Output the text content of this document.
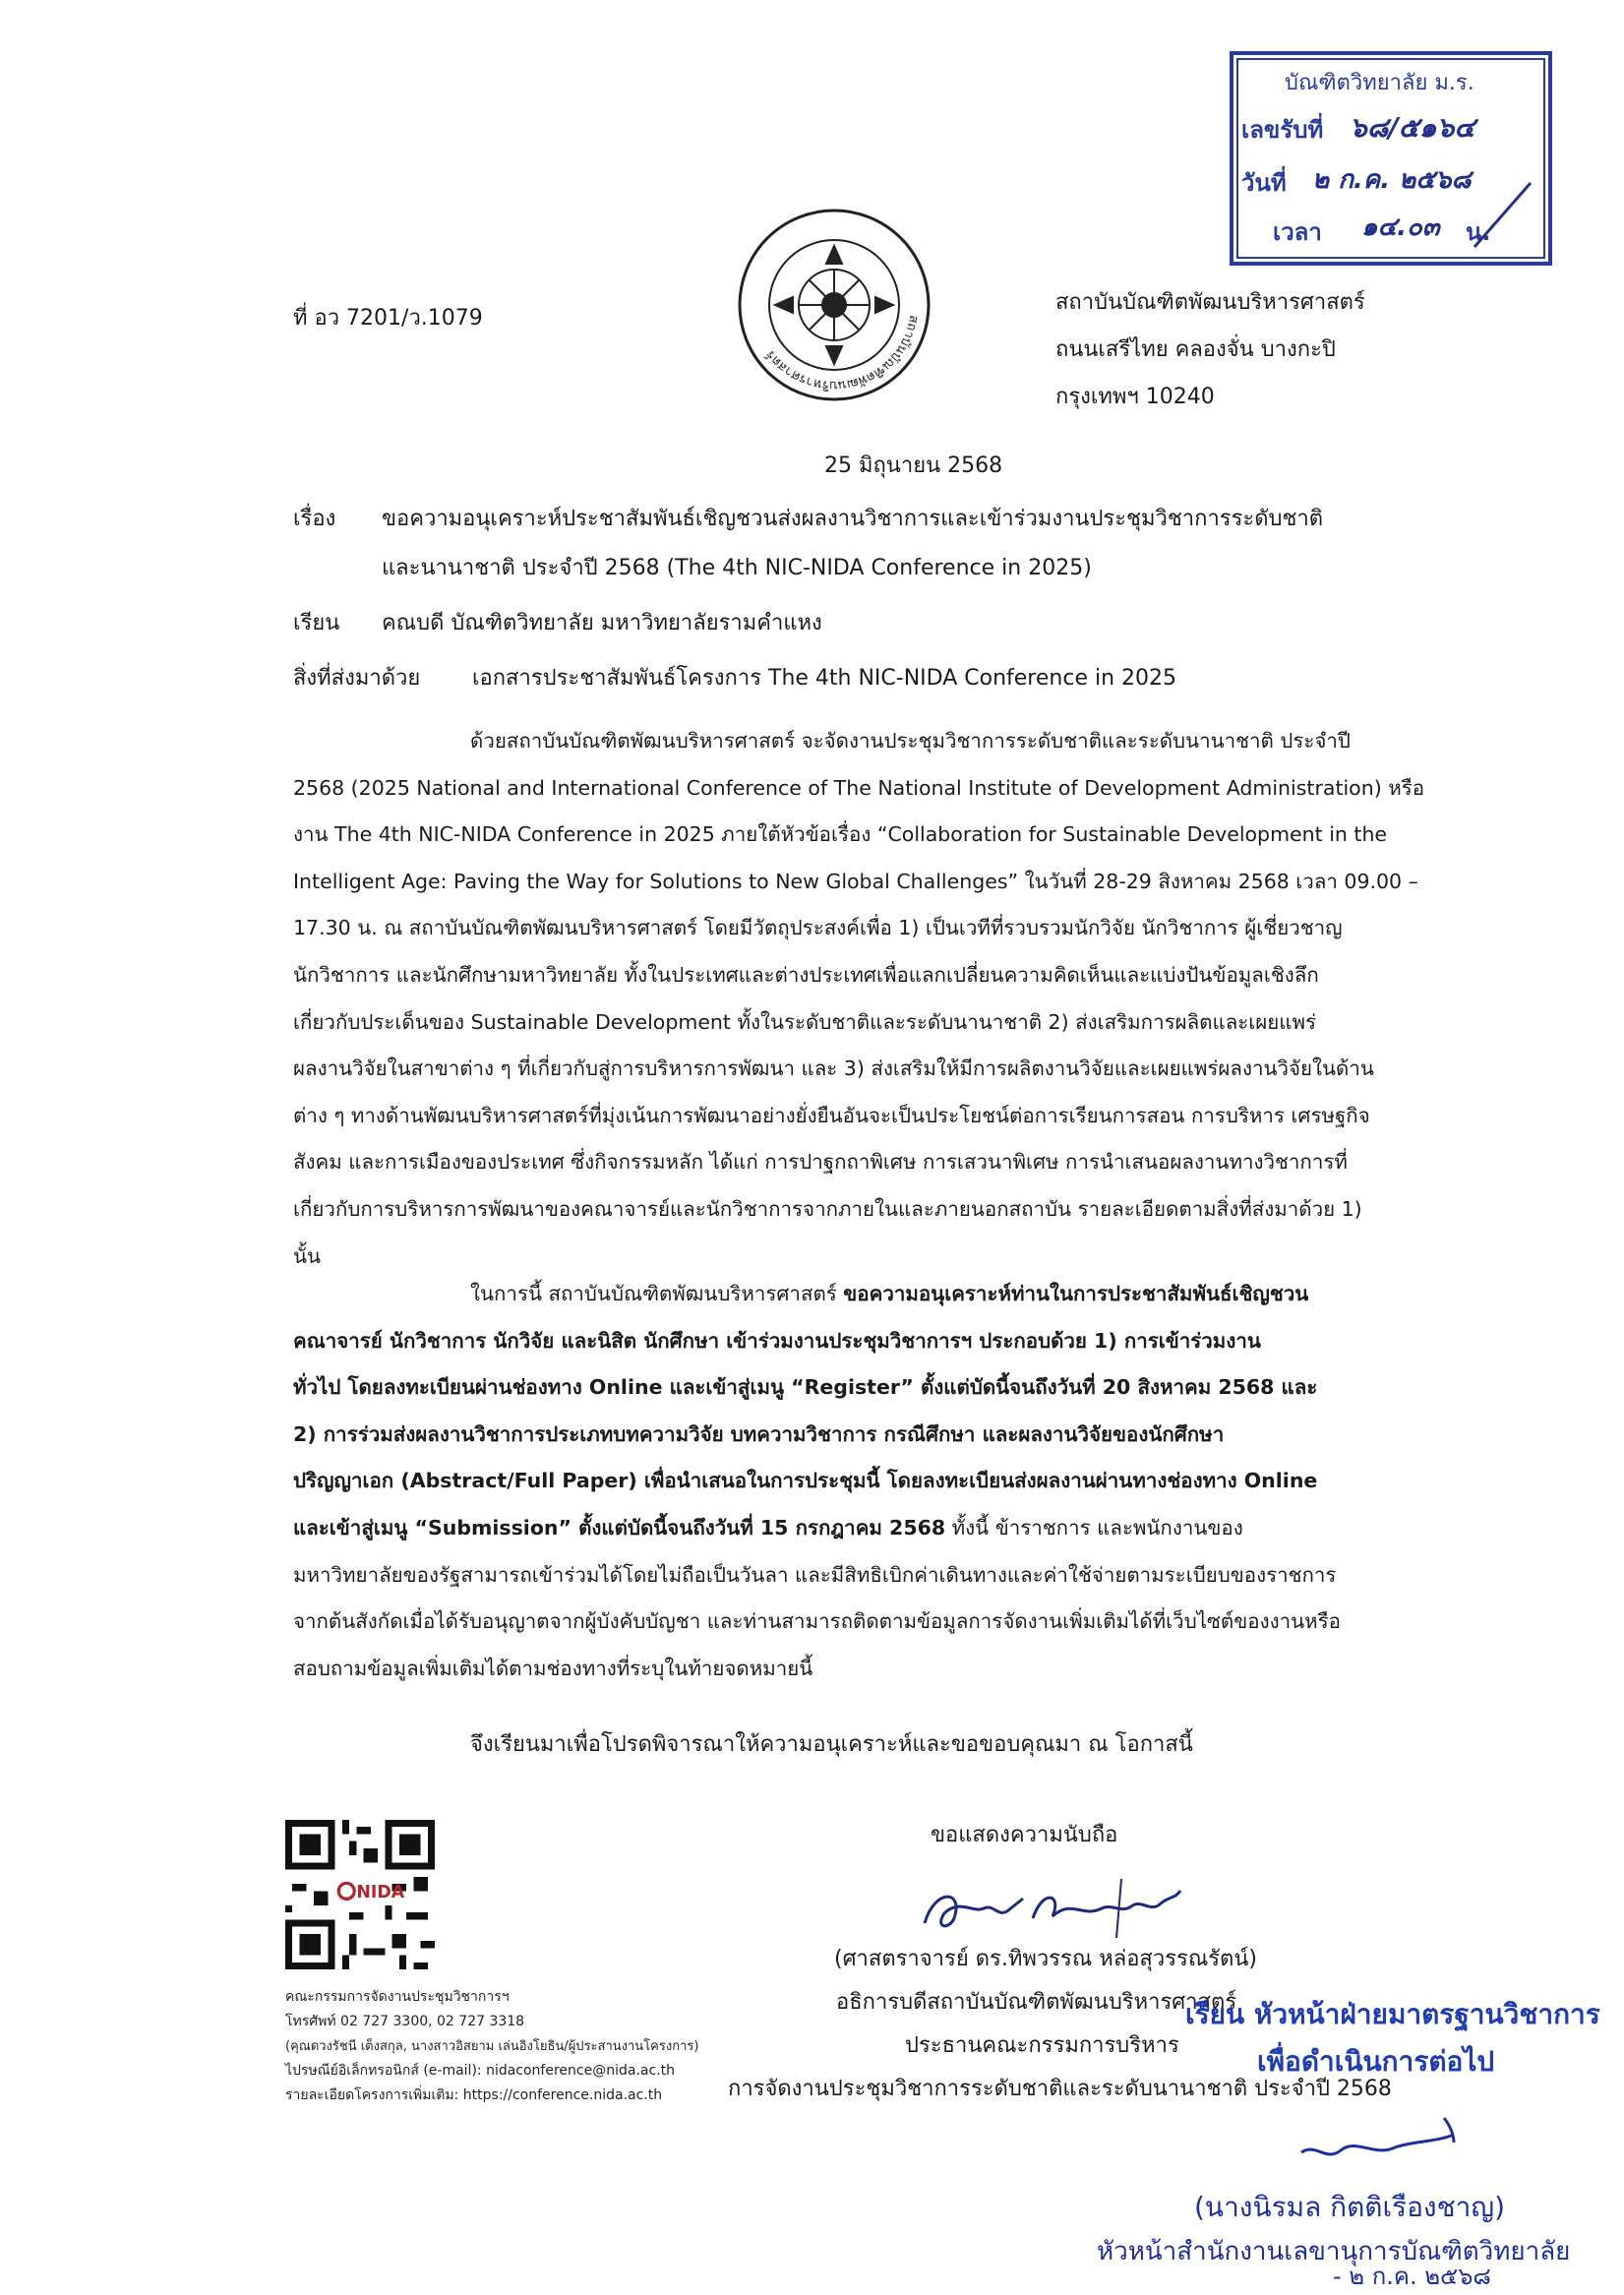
บัณฑิตวิทยาลัย ม.ร.
เลขรับที่ ๖๘/๕๑๖๔
วันที่ ๒ ก.ค. ๒๕๖๘
เวลา ๑๔.๐๓ น.
สถาบันบัณฑิตพัฒนบริหารศาสตร์
ที่ อว 7201/ว.1079
สถาบันบัณฑิตพัฒนบริหารศาสตร์
ถนนเสรีไทย คลองจั่น บางกะปิ
กรุงเทพฯ 10240
25 มิถุนายน 2568
เรื่อง ขอความอนุเคราะห์ประชาสัมพันธ์เชิญชวนส่งผลงานวิชาการและเข้าร่วมงานประชุมวิชาการระดับชาติ
และนานาชาติ ประจำปี 2568 (The 4th NIC-NIDA Conference in 2025)
เรียน คณบดี บัณฑิตวิทยาลัย มหาวิทยาลัยรามคำแหง
สิ่งที่ส่งมาด้วย เอกสารประชาสัมพันธ์โครงการ The 4th NIC-NIDA Conference in 2025
ด้วยสถาบันบัณฑิตพัฒนบริหารศาสตร์ จะจัดงานประชุมวิชาการระดับชาติและระดับนานาชาติ ประจำปี
2568 (2025 National and International Conference of The National Institute of Development Administration) หรือ
งาน The 4th NIC-NIDA Conference in 2025 ภายใต้หัวข้อเรื่อง “Collaboration for Sustainable Development in the
Intelligent Age: Paving the Way for Solutions to New Global Challenges” ในวันที่ 28-29 สิงหาคม 2568 เวลา 09.00 –
17.30 น. ณ สถาบันบัณฑิตพัฒนบริหารศาสตร์ โดยมีวัตถุประสงค์เพื่อ 1) เป็นเวทีที่รวบรวมนักวิจัย นักวิชาการ ผู้เชี่ยวชาญ
นักวิชาการ และนักศึกษามหาวิทยาลัย ทั้งในประเทศและต่างประเทศเพื่อแลกเปลี่ยนความคิดเห็นและแบ่งปันข้อมูลเชิงลึก
เกี่ยวกับประเด็นของ Sustainable Development ทั้งในระดับชาติและระดับนานาชาติ 2) ส่งเสริมการผลิตและเผยแพร่
ผลงานวิจัยในสาขาต่าง ๆ ที่เกี่ยวกับสู่การบริหารการพัฒนา และ 3) ส่งเสริมให้มีการผลิตงานวิจัยและเผยแพร่ผลงานวิจัยในด้าน
ต่าง ๆ ทางด้านพัฒนบริหารศาสตร์ที่มุ่งเน้นการพัฒนาอย่างยั่งยืนอันจะเป็นประโยชน์ต่อการเรียนการสอน การบริหาร เศรษฐกิจ
สังคม และการเมืองของประเทศ ซึ่งกิจกรรมหลัก ได้แก่ การปาฐกถาพิเศษ การเสวนาพิเศษ การนำเสนอผลงานทางวิชาการที่
เกี่ยวกับการบริหารการพัฒนาของคณาจารย์และนักวิชาการจากภายในและภายนอกสถาบัน รายละเอียดตามสิ่งที่ส่งมาด้วย 1)
นั้น
ในการนี้ สถาบันบัณฑิตพัฒนบริหารศาสตร์ ขอความอนุเคราะห์ท่านในการประชาสัมพันธ์เชิญชวน
คณาจารย์ นักวิชาการ นักวิจัย และนิสิต นักศึกษา เข้าร่วมงานประชุมวิชาการฯ ประกอบด้วย 1) การเข้าร่วมงาน
ทั่วไป โดยลงทะเบียนผ่านช่องทาง Online และเข้าสู่เมนู “Register” ตั้งแต่บัดนี้จนถึงวันที่ 20 สิงหาคม 2568 และ
2) การร่วมส่งผลงานวิชาการประเภทบทความวิจัย บทความวิชาการ กรณีศึกษา และผลงานวิจัยของนักศึกษา
ปริญญาเอก (Abstract/Full Paper) เพื่อนำเสนอในการประชุมนี้ โดยลงทะเบียนส่งผลงานผ่านทางช่องทาง Online
และเข้าสู่เมนู “Submission” ตั้งแต่บัดนี้จนถึงวันที่ 15 กรกฎาคม 2568 ทั้งนี้ ข้าราชการ และพนักงานของ
มหาวิทยาลัยของรัฐสามารถเข้าร่วมได้โดยไม่ถือเป็นวันลา และมีสิทธิเบิกค่าเดินทางและค่าใช้จ่ายตามระเบียบของราชการ
จากต้นสังกัดเมื่อได้รับอนุญาตจากผู้บังคับบัญชา และท่านสามารถติดตามข้อมูลการจัดงานเพิ่มเติมได้ที่เว็บไซต์ของงานหรือ
สอบถามข้อมูลเพิ่มเติมได้ตามช่องทางที่ระบุในท้ายจดหมายนี้
จึงเรียนมาเพื่อโปรดพิจารณาให้ความอนุเคราะห์และขอขอบคุณมา ณ โอกาสนี้
ขอแสดงความนับถือ
(ศาสตราจารย์ ดร.ทิพวรรณ หล่อสุวรรณรัตน์)
อธิการบดีสถาบันบัณฑิตพัฒนบริหารศาสตร์
ประธานคณะกรรมการบริหาร
การจัดงานประชุมวิชาการระดับชาติและระดับนานาชาติ ประจำปี 2568
NIDA
คณะกรรมการจัดงานประชุมวิชาการฯ
โทรศัพท์ 02 727 3300, 02 727 3318
(คุณดวงรัชนี เต็งสกุล, นางสาวอิสยาม เล่นอิงโยธิน/ผู้ประสานงานโครงการ)
ไปรษณีย์อิเล็กทรอนิกส์ (e-mail): nidaconference@nida.ac.th
รายละเอียดโครงการเพิ่มเติม: https://conference.nida.ac.th
เรียน หัวหน้าฝ่ายมาตรฐานวิชาการ
เพื่อดำเนินการต่อไป
(นางนิรมล กิตติเรืองชาญ)
หัวหน้าสำนักงานเลขานุการบัณฑิตวิทยาลัย
- ๒ ก.ค. ๒๕๖๘
